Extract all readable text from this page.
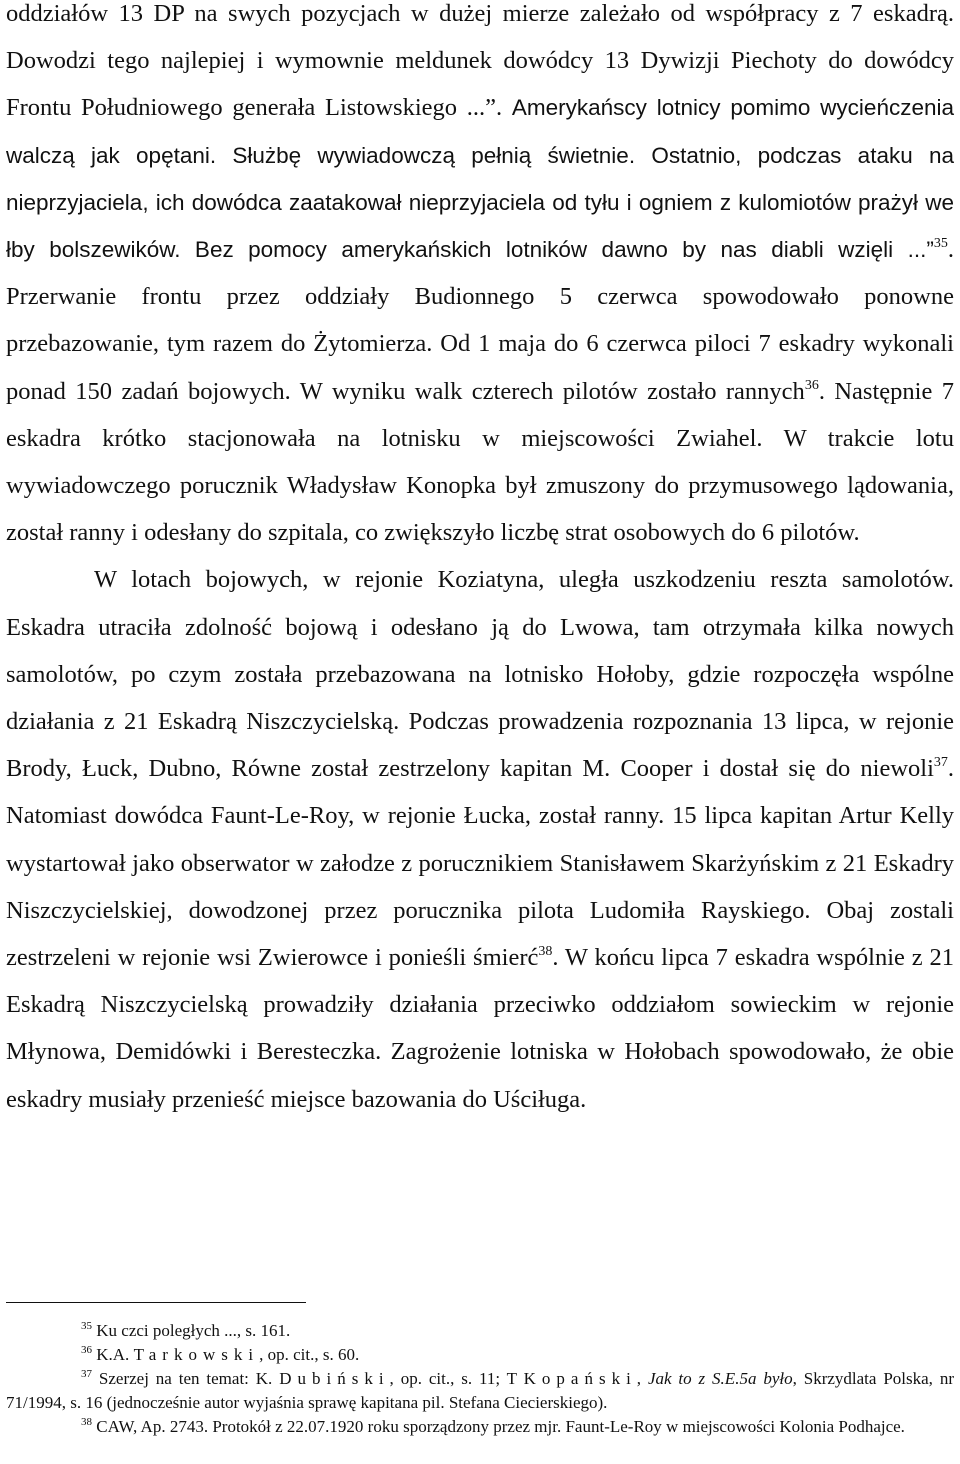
oddziałów 13 DP na swych pozycjach w dużej mierze zależało od współpracy z 7 eskadrą. Dowodzi tego najlepiej i wymownie meldunek dowódcy 13 Dywizji Piechoty do dowódcy Frontu Południowego generała Listowskiego ...”. Amerykańscy lotnicy pomimo wycieńczenia walczą jak opętani. Służbę wywiadowczą pełnią świetnie. Ostatnio, podczas ataku na nieprzyjaciela, ich dowódca zaatakował nieprzyjaciela od tyłu i ogniem z kulomiotów prażył we łby bolszewików. Bez pomocy amerykańskich lotników dawno by nas diabli wzięli ...”$^{35}$. Przerwanie frontu przez oddziały Budionnego 5 czerwca spowodowało ponowne przebazowanie, tym razem do Żytomierza. Od 1 maja do 6 czerwca piloci 7 eskadry wykonali ponad 150 zadań bojowych. W wyniku walk czterech pilotów zostało rannych$^{36}$. Następnie 7 eskadra krótko stacjonowała na lotnisku w miejscowości Zwiahel. W trakcie lotu wywiadowczego porucznik Władysław Konopka był zmuszony do przymusowego lądowania, został ranny i odesłany do szpitala, co zwiększyło liczbę strat osobowych do 6 pilotów.

W lotach bojowych, w rejonie Koziatyna, uległa uszkodzeniu reszta samolotów. Eskadra utraciła zdolność bojową i odesłano ją do Lwowa, tam otrzymała kilka nowych samolotów, po czym została przebazowana na lotnisko Hołoby, gdzie rozpoczęła wspólne działania z 21 Eskadrą Niszczycielską. Podczas prowadzenia rozpoznania 13 lipca, w rejonie Brody, Łuck, Dubno, Równe został zestrzelony kapitan M. Cooper i dostał się do niewoli$^{37}$. Natomiast dowódca Faunt-Le-Roy, w rejonie Łucka, został ranny. 15 lipca kapitan Artur Kelly wystartował jako obserwator w załodze z porucznikiem Stanisławem Skarżyńskim z 21 Eskadry Niszczycielskiej, dowodzonej przez porucznika pilota Ludomiła Rayskiego. Obaj zostali zestrzeleni w rejonie wsi Zwierowce i ponieśli śmierć$^{38}$. W końcu lipca 7 eskadra wspólnie z 21 Eskadrą Niszczycielską prowadziły działania przeciwko oddziałom sowieckim w rejonie Młynowa, Demidówki i Beresteczka. Zagrożenie lotniska w Hołobach spowodowało, że obie eskadry musiały przenieść miejsce bazowania do Uściługa.

$^{35}$ Ku czci poległych ..., s. 161.

$^{36}$ K.A. Tarkowski, op. cit., s. 60.

$^{37}$ Szerzej na ten temat: K. Dubiński, op. cit., s. 11; T Kopański, Jak to z S.E.5a było, Skrzydlata Polska, nr 71/1994, s. 16 (jednocześnie autor wyjaśnia sprawę kapitana pil. Stefana Ciecierskiego).

$^{38}$ CAW, Ap. 2743. Protokół z 22.07.1920 roku sporządzony przez mjr. Faunt-Le-Roy w miejscowości Kolonia Podhajce.
